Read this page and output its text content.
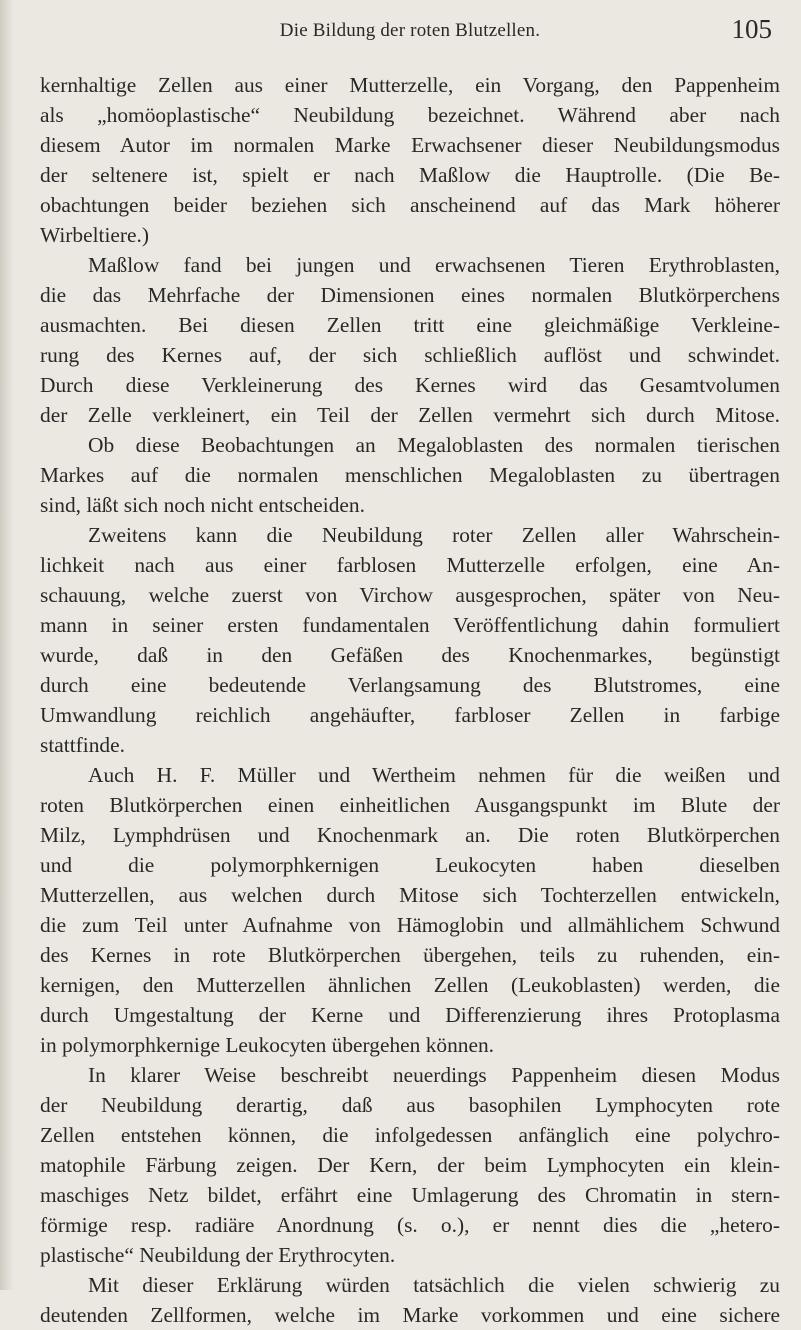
Die Bildung der roten Blutzellen.	105
kernhaltige Zellen aus einer Mutterzelle, ein Vorgang, den Pappenheim
als „homöoplastische“ Neubildung bezeichnet. Während aber nach
diesem Autor im normalen Marke Erwachsener dieser Neubildungsmodus
der seltenere ist, spielt er nach Maßlow die Hauptrolle. (Die Be-
obachtungen beider beziehen sich anscheinend auf das Mark höherer
Wirbeltiere.)
Maßlow fand bei jungen und erwachsenen Tieren Erythroblasten,
die das Mehrfache der Dimensionen eines normalen Blutkörperchens
ausmachten. Bei diesen Zellen tritt eine gleichmäßige Verkleine-
rung des Kernes auf, der sich schließlich auflöst und schwindet.
Durch diese Verkleinerung des Kernes wird das Gesamtvolumen
der Zelle verkleinert, ein Teil der Zellen vermehrt sich durch Mitose.
Ob diese Beobachtungen an Megaloblasten des normalen tierischen
Markes auf die normalen menschlichen Megaloblasten zu übertragen
sind, läßt sich noch nicht entscheiden.
Zweitens kann die Neubildung roter Zellen aller Wahrschein-
lichkeit nach aus einer farblosen Mutterzelle erfolgen, eine An-
schauung, welche zuerst von Virchow ausgesprochen, später von Neu-
mann in seiner ersten fundamentalen Veröffentlichung dahin formuliert
wurde, daß in den Gefäßen des Knochenmarkes, begünstigt
durch eine bedeutende Verlangsamung des Blutstromes, eine
Umwandlung reichlich angehäufter, farbloser Zellen in farbige
stattfinde.
Auch H. F. Müller und Wertheim nehmen für die weißen und
roten Blutkörperchen einen einheitlichen Ausgangspunkt im Blute der
Milz, Lymphdrüsen und Knochenmark an. Die roten Blutkörperchen
und die polymorphkernigen Leukocyten haben dieselben
Mutterzellen, aus welchen durch Mitose sich Tochterzellen entwickeln,
die zum Teil unter Aufnahme von Hämoglobin und allmählichem Schwund
des Kernes in rote Blutkörperchen übergehen, teils zu ruhenden, ein-
kernigen, den Mutterzellen ähnlichen Zellen (Leukoblasten) werden, die
durch Umgestaltung der Kerne und Differenzierung ihres Protoplasma
in polymorphkernige Leukocyten übergehen können.
In klarer Weise beschreibt neuerdings Pappenheim diesen Modus
der Neubildung derartig, daß aus basophilen Lymphocyten rote
Zellen entstehen können, die infolgedessen anfänglich eine polychro-
matophile Färbung zeigen. Der Kern, der beim Lymphocyten ein klein-
maschiges Netz bildet, erfährt eine Umlagerung des Chromatin in stern-
förmige resp. radiäre Anordnung (s. o.), er nennt dies die „hetero-
plastische“ Neubildung der Erythrocyten.
Mit dieser Erklärung würden tatsächlich die vielen schwierig zu
deutenden Zellformen, welche im Marke vorkommen und eine sichere
